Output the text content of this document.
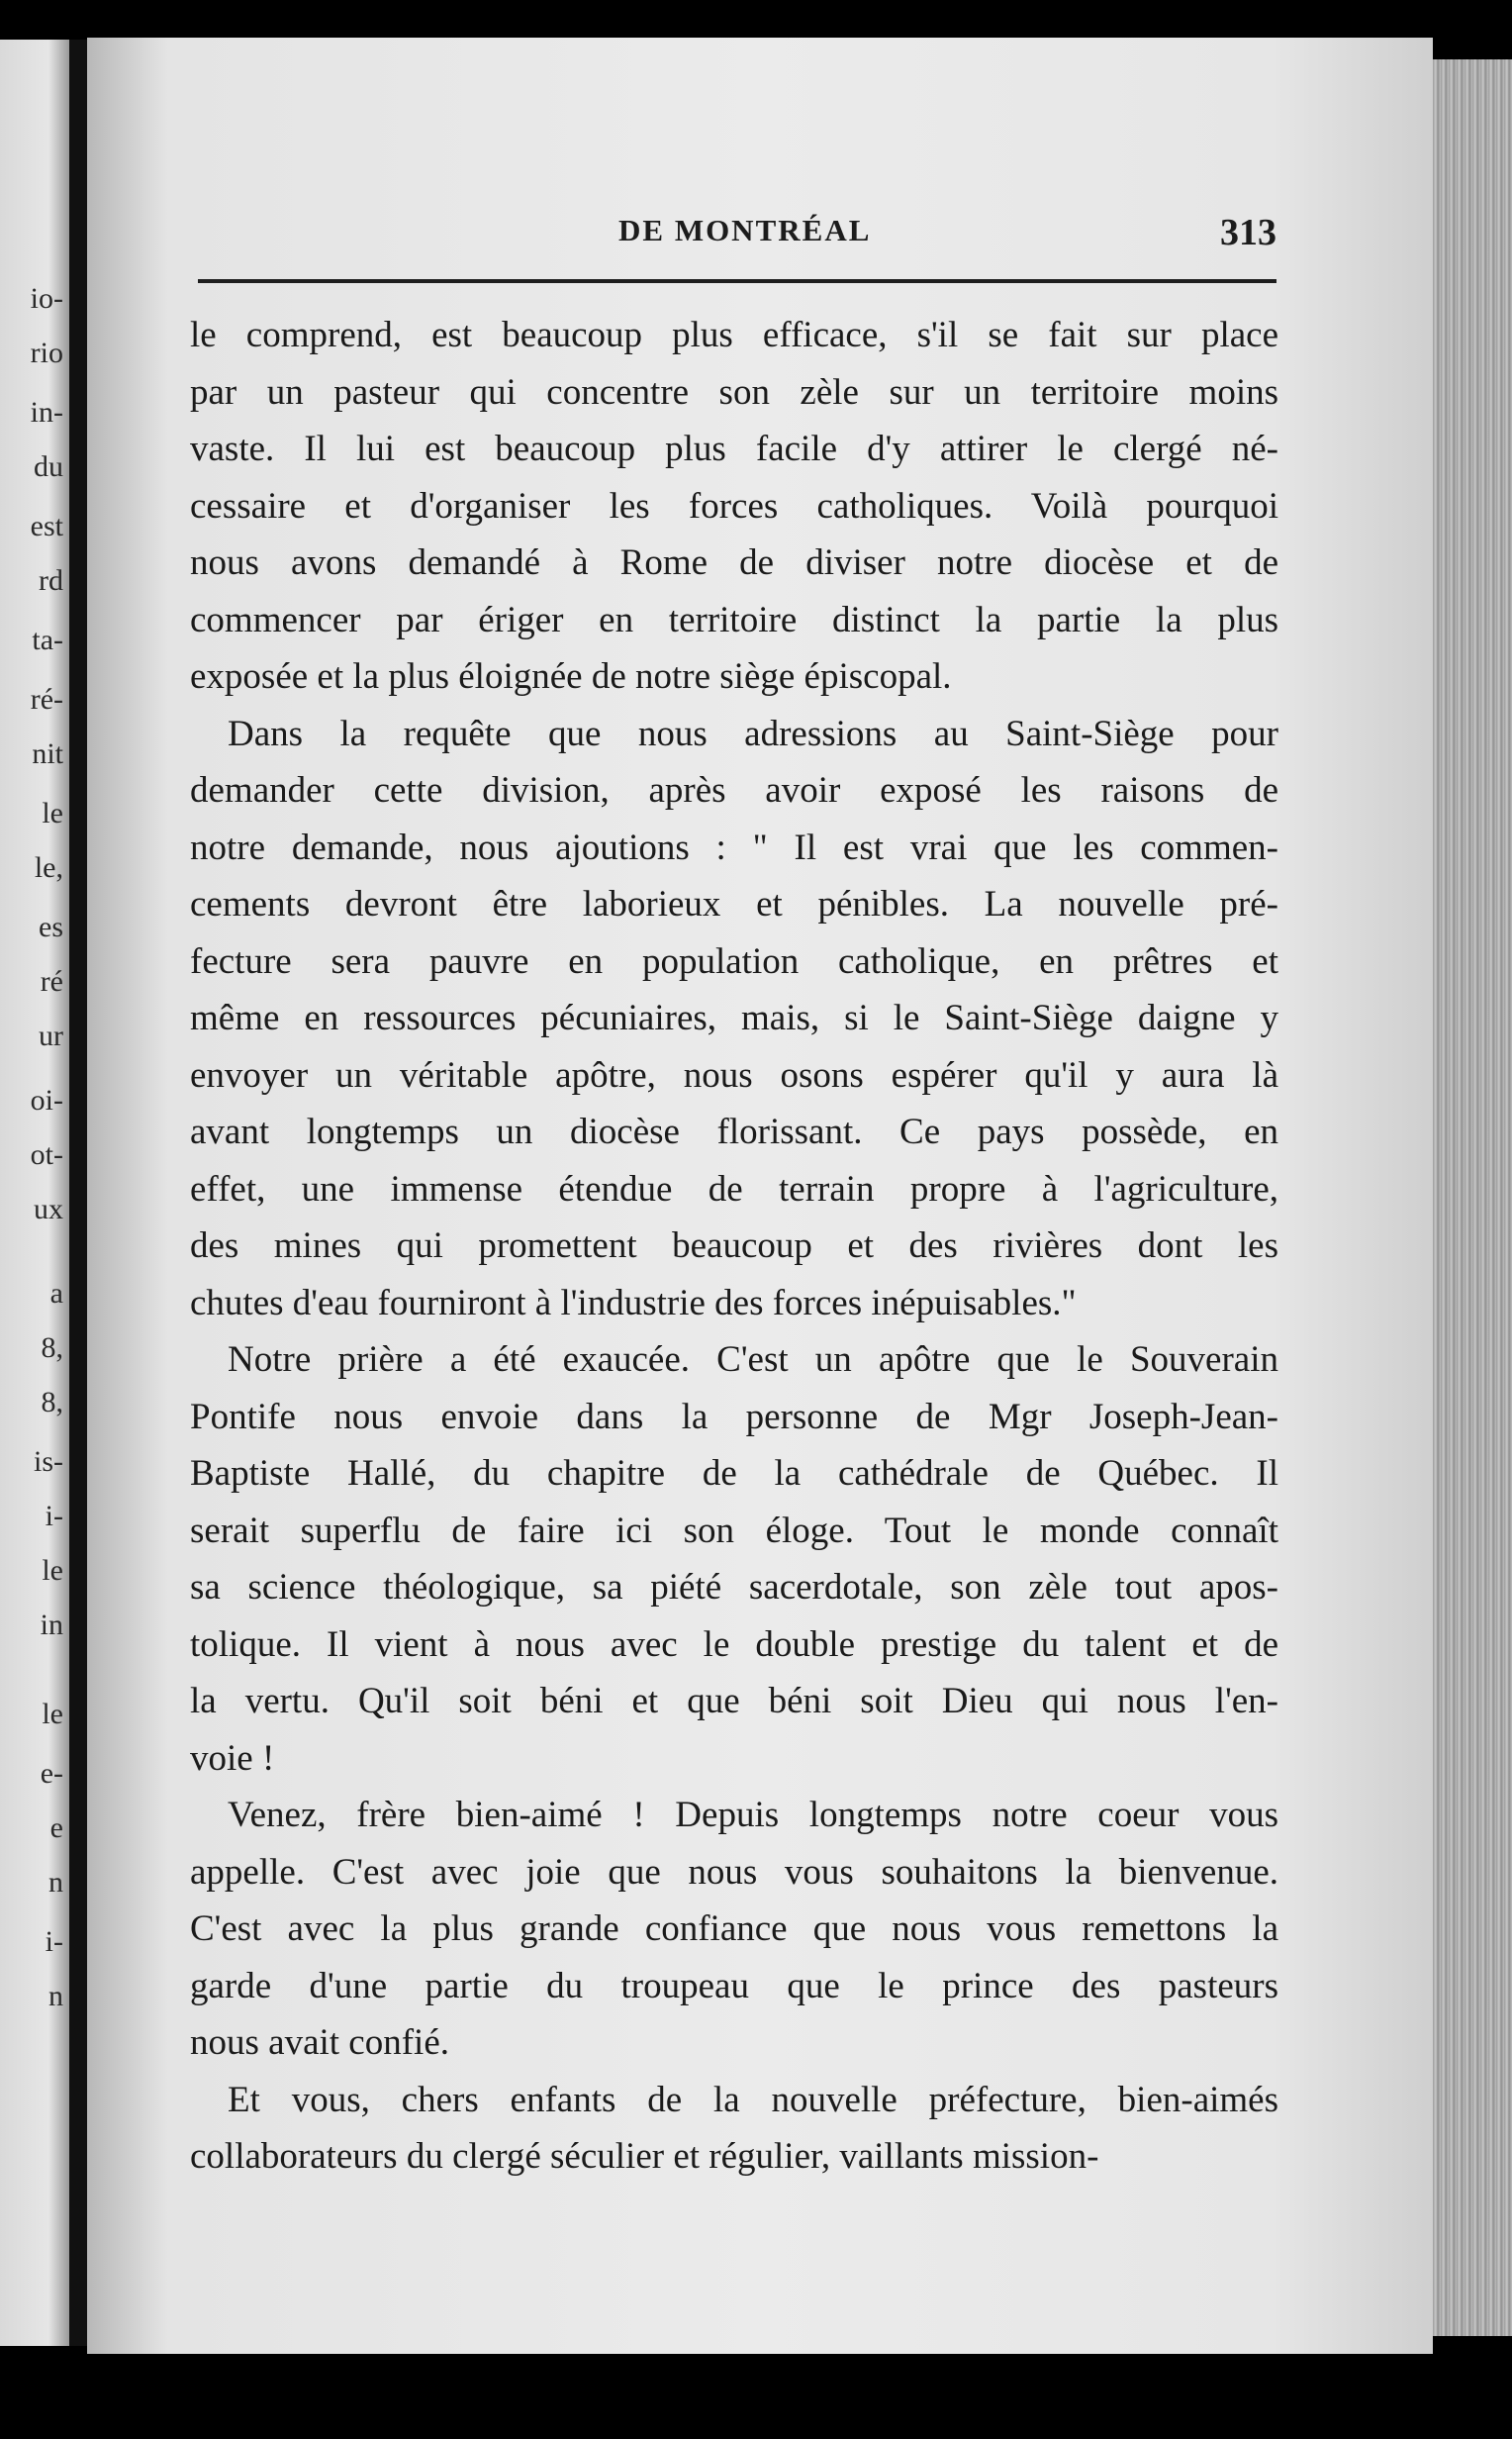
io-
rio
in-
du
est
rd
ta-
ré-
nit
le
le,
es
ré
ur
oi-
ot-
ux
a
8,
8,
is-
i-
le
in
le
e-
e
n
i-
n
DE MONTRÉAL	313
le comprend, est beaucoup plus efficace, s'il se fait sur place
par un pasteur qui concentre son zèle sur un territoire moins
vaste. Il lui est beaucoup plus facile d'y attirer le clergé né-
cessaire et d'organiser les forces catholiques. Voilà pourquoi
nous avons demandé à Rome de diviser notre diocèse et de
commencer par ériger en territoire distinct la partie la plus
exposée et la plus éloignée de notre siège épiscopal.
Dans la requête que nous adressions au Saint-Siège pour
demander cette division, après avoir exposé les raisons de
notre demande, nous ajoutions : " Il est vrai que les commen-
cements devront être laborieux et pénibles. La nouvelle pré-
fecture sera pauvre en population catholique, en prêtres et
même en ressources pécuniaires, mais, si le Saint-Siège daigne y
envoyer un véritable apôtre, nous osons espérer qu'il y aura là
avant longtemps un diocèse florissant. Ce pays possède, en
effet, une immense étendue de terrain propre à l'agriculture,
des mines qui promettent beaucoup et des rivières dont les
chutes d'eau fourniront à l'industrie des forces inépuisables."
Notre prière a été exaucée. C'est un apôtre que le Souverain
Pontife nous envoie dans la personne de Mgr Joseph-Jean-
Baptiste Hallé, du chapitre de la cathédrale de Québec. Il
serait superflu de faire ici son éloge. Tout le monde connaît
sa science théologique, sa piété sacerdotale, son zèle tout apos-
tolique. Il vient à nous avec le double prestige du talent et de
la vertu. Qu'il soit béni et que béni soit Dieu qui nous l'en-
voie !
Venez, frère bien-aimé ! Depuis longtemps notre coeur vous
appelle. C'est avec joie que nous vous souhaitons la bienvenue.
C'est avec la plus grande confiance que nous vous remettons la
garde d'une partie du troupeau que le prince des pasteurs
nous avait confié.
Et vous, chers enfants de la nouvelle préfecture, bien-aimés
collaborateurs du clergé séculier et régulier, vaillants mission-
